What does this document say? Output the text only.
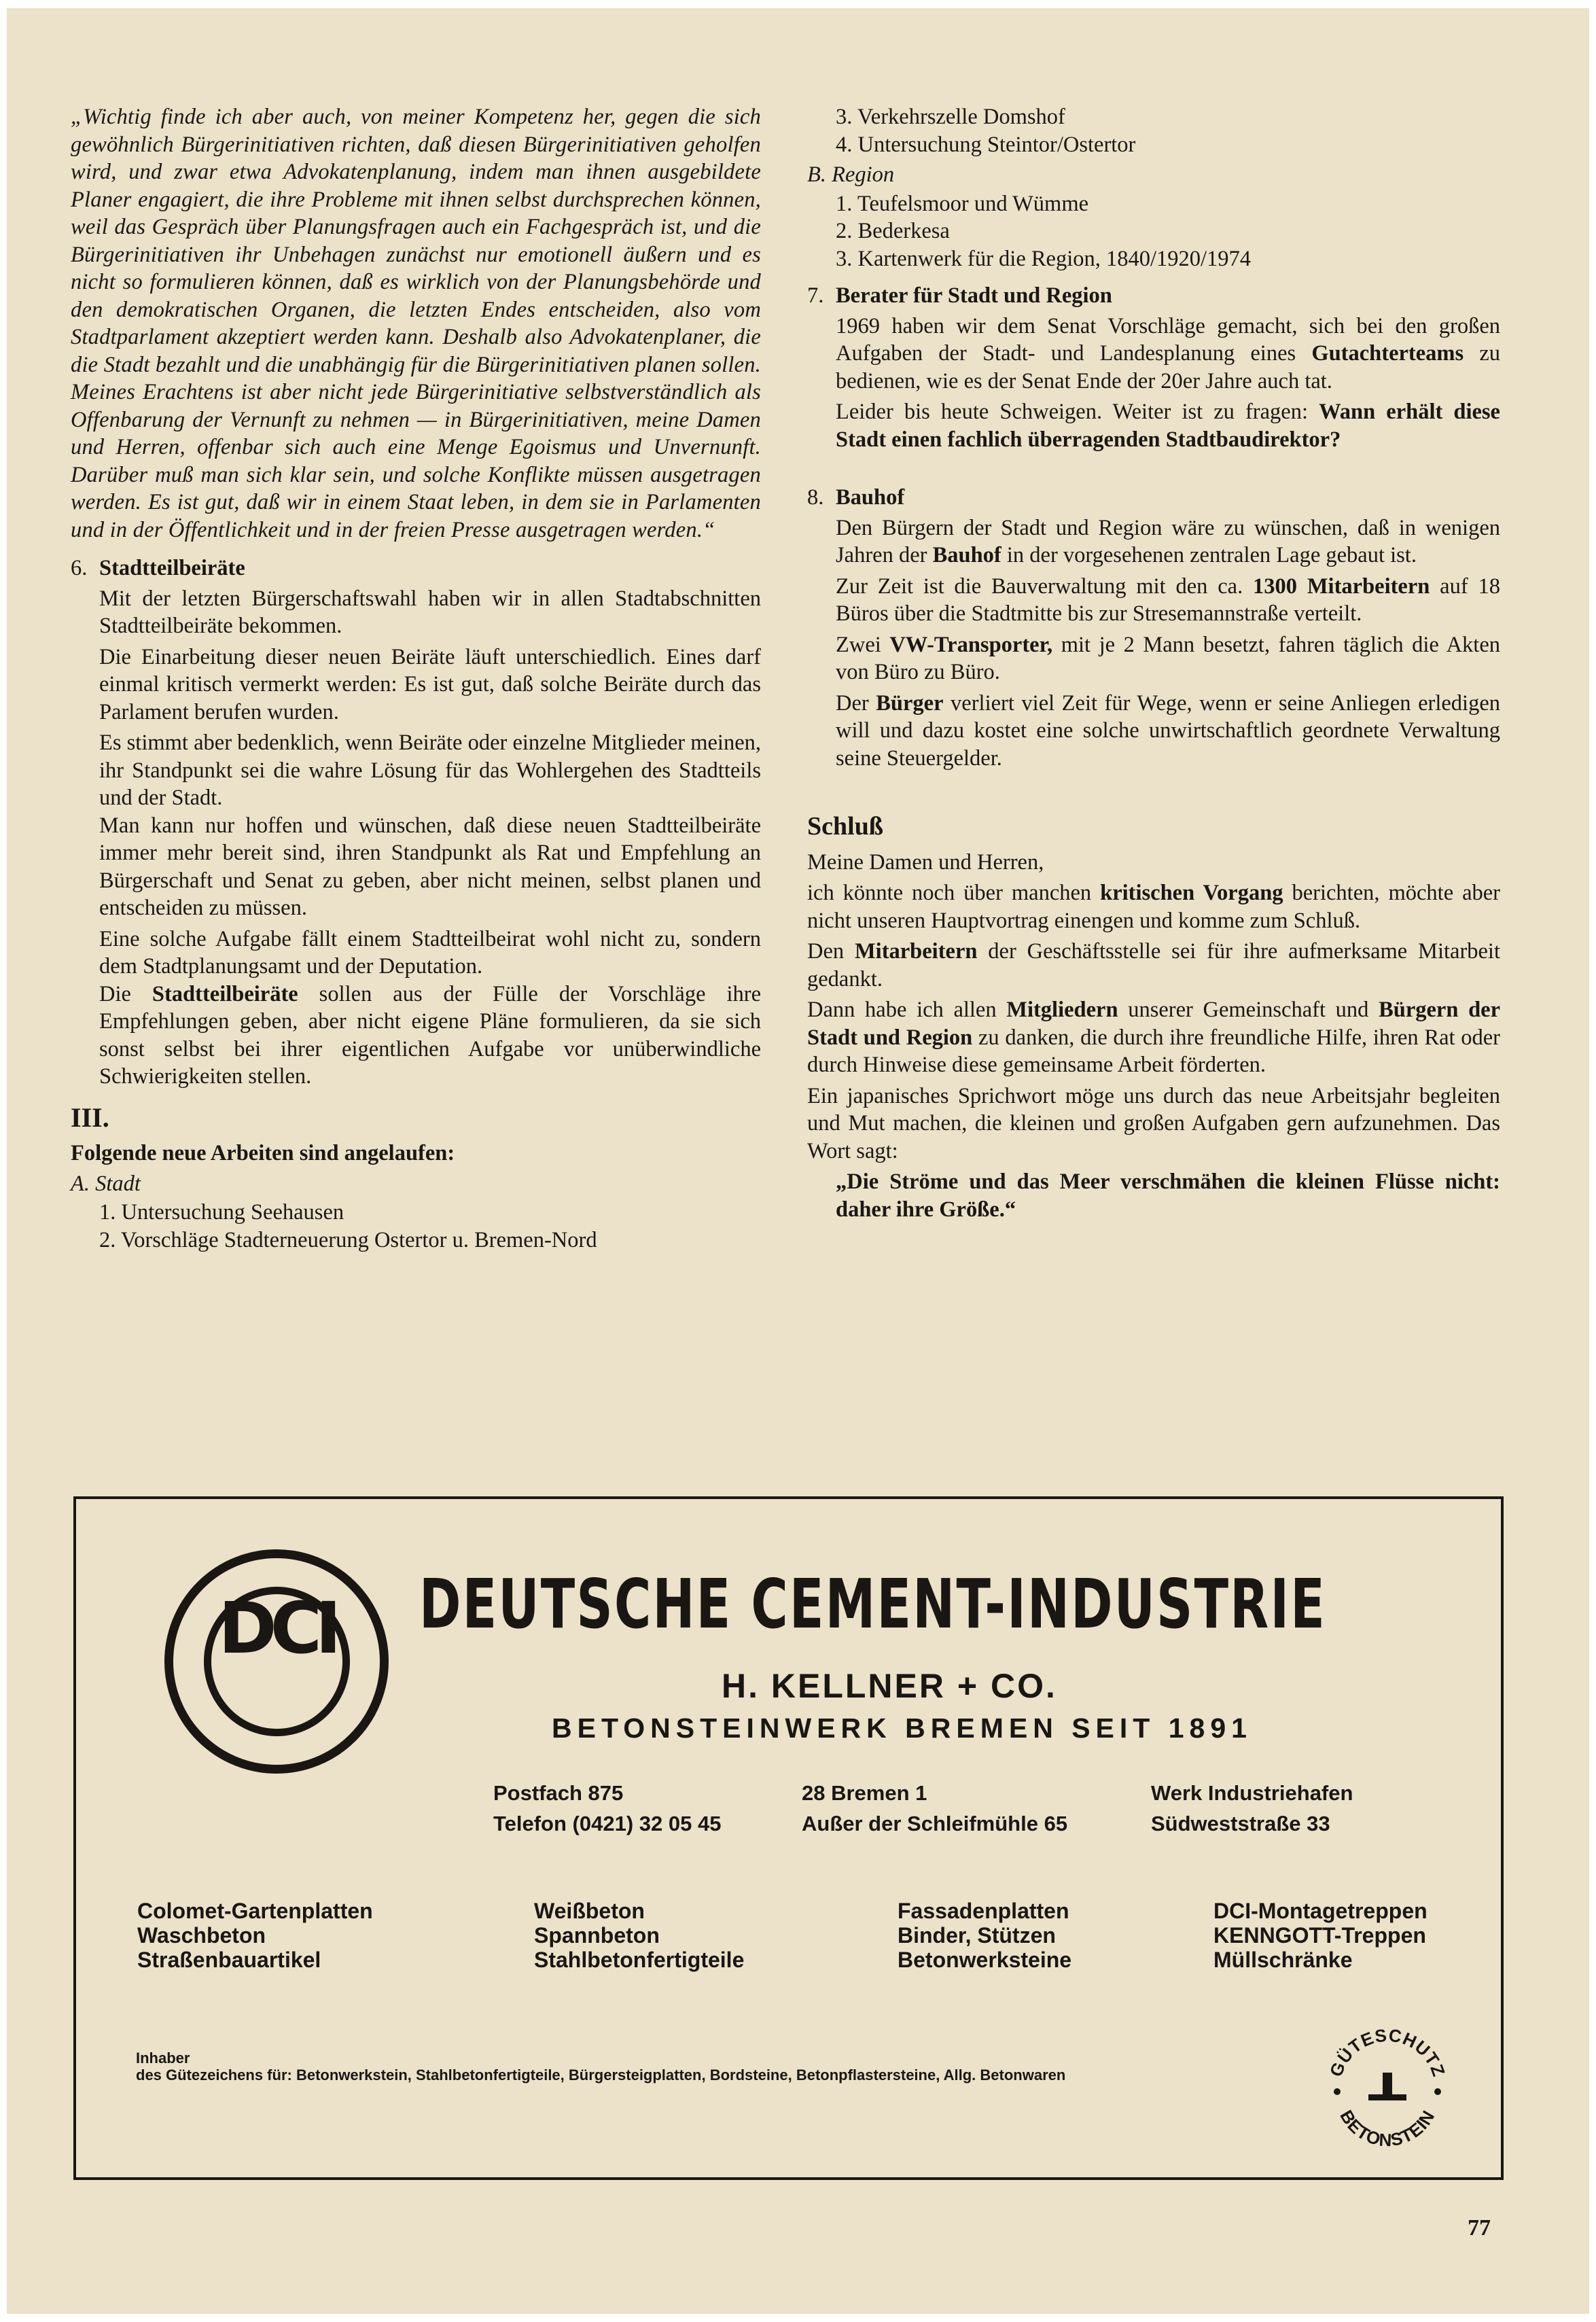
„Wichtig finde ich aber auch, von meiner Kompetenz her, gegen die sich gewöhnlich Bürgerinitiativen richten, daß diesen Bürgerinitiativen geholfen wird, und zwar etwa Advokatenplanung, indem man ihnen ausgebildete Planer engagiert, die ihre Probleme mit ihnen selbst durchsprechen können, weil das Gespräch über Planungsfragen auch ein Fachgespräch ist, und die Bürgerinitiativen ihr Unbehagen zunächst nur emotionell äußern und es nicht so formulieren können, daß es wirklich von der Planungsbehörde und den demokratischen Organen, die letzten Endes entscheiden, also vom Stadtparlament akzeptiert werden kann. Deshalb also Advokatenplaner, die die Stadt bezahlt und die unabhängig für die Bürgerinitiativen planen sollen. Meines Erachtens ist aber nicht jede Bürgerinitiative selbstverständlich als Offenbarung der Vernunft zu nehmen — in Bürgerinitiativen, meine Damen und Herren, offenbar sich auch eine Menge Egoismus und Unvernunft. Darüber muß man sich klar sein, und solche Konflikte müssen ausgetragen werden. Es ist gut, daß wir in einem Staat leben, in dem sie in Parlamenten und in der Öffentlichkeit und in der freien Presse ausgetragen werden.“

6. Stadtteilbeiräte

Mit der letzten Bürgerschaftswahl haben wir in allen Stadtabschnitten Stadtteilbeiräte bekommen.

Die Einarbeitung dieser neuen Beiräte läuft unterschiedlich. Eines darf einmal kritisch vermerkt werden: Es ist gut, daß solche Beiräte durch das Parlament berufen wurden.

Es stimmt aber bedenklich, wenn Beiräte oder einzelne Mitglieder meinen, ihr Standpunkt sei die wahre Lösung für das Wohlergehen des Stadtteils und der Stadt.

Man kann nur hoffen und wünschen, daß diese neuen Stadtteilbeiräte immer mehr bereit sind, ihren Standpunkt als Rat und Empfehlung an Bürgerschaft und Senat zu geben, aber nicht meinen, selbst planen und entscheiden zu müssen.

Eine solche Aufgabe fällt einem Stadtteilbeirat wohl nicht zu, sondern dem Stadtplanungsamt und der Deputation.

Die Stadtteilbeiräte sollen aus der Fülle der Vorschläge ihre Empfehlungen geben, aber nicht eigene Pläne formulieren, da sie sich sonst selbst bei ihrer eigentlichen Aufgabe vor unüberwindliche Schwierigkeiten stellen.

III.
Folgende neue Arbeiten sind angelaufen:
A. Stadt
1. Untersuchung Seehausen
2. Vorschläge Stadterneuerung Ostertor u. Bremen-Nord
3. Verkehrszelle Domshof
4. Untersuchung Steintor/Ostertor
B. Region
1. Teufelsmoor und Wümme
2. Bederkesa
3. Kartenwerk für die Region, 1840/1920/1974
7. Berater für Stadt und Region

1969 haben wir dem Senat Vorschläge gemacht, sich bei den großen Aufgaben der Stadt- und Landesplanung eines Gutachterteams zu bedienen, wie es der Senat Ende der 20er Jahre auch tat.

Leider bis heute Schweigen. Weiter ist zu fragen: Wann erhält diese Stadt einen fachlich überragenden Stadtbaudirektor?

8. Bauhof

Den Bürgern der Stadt und Region wäre zu wünschen, daß in wenigen Jahren der Bauhof in der vorgesehenen zentralen Lage gebaut ist.

Zur Zeit ist die Bauverwaltung mit den ca. 1300 Mitarbeitern auf 18 Büros über die Stadtmitte bis zur Stresemannstraße verteilt.

Zwei VW-Transporter, mit je 2 Mann besetzt, fahren täglich die Akten von Büro zu Büro.

Der Bürger verliert viel Zeit für Wege, wenn er seine Anliegen erledigen will und dazu kostet eine solche unwirtschaftlich geordnete Verwaltung seine Steuergelder.

Schluß

Meine Damen und Herren,

ich könnte noch über manchen kritischen Vorgang berichten, möchte aber nicht unseren Hauptvortrag einengen und komme zum Schluß.

Den Mitarbeitern der Geschäftsstelle sei für ihre aufmerksame Mitarbeit gedankt.

Dann habe ich allen Mitgliedern unserer Gemeinschaft und Bürgern der Stadt und Region zu danken, die durch ihre freundliche Hilfe, ihren Rat oder durch Hinweise diese gemeinsame Arbeit förderten.

Ein japanisches Sprichwort möge uns durch das neue Arbeitsjahr begleiten und Mut machen, die kleinen und großen Aufgaben gern aufzunehmen. Das Wort sagt:

„Die Ströme und das Meer verschmähen die kleinen Flüsse nicht: daher ihre Größe.“

DCI	DEUTSCHE CEMENT-INDUSTRIE
H. KELLNER + CO.
BETONSTEINWERK BREMEN SEIT 1891
Postfach 875
Telefon (0421) 32 05 45
28 Bremen 1
Außer der Schleifmühle 65
Werk Industriehafen
Südweststraße 33
Colomet-Gartenplatten
Waschbeton
Straßenbauartikel
Weißbeton
Spannbeton
Stahlbetonfertigteile
Fassadenplatten
Binder, Stützen
Betonwerksteine
DCI-Montagetreppen
KENNGOTT-Treppen
Müllschränke
Inhaber
des Gütezeichens für: Betonwerkstein, Stahlbetonfertigteile, Bürgersteigplatten, Bordsteine, Betonpflastersteine, Allg. Betonwaren	GÜTESCHUTZ
BETONSTEIN
77
